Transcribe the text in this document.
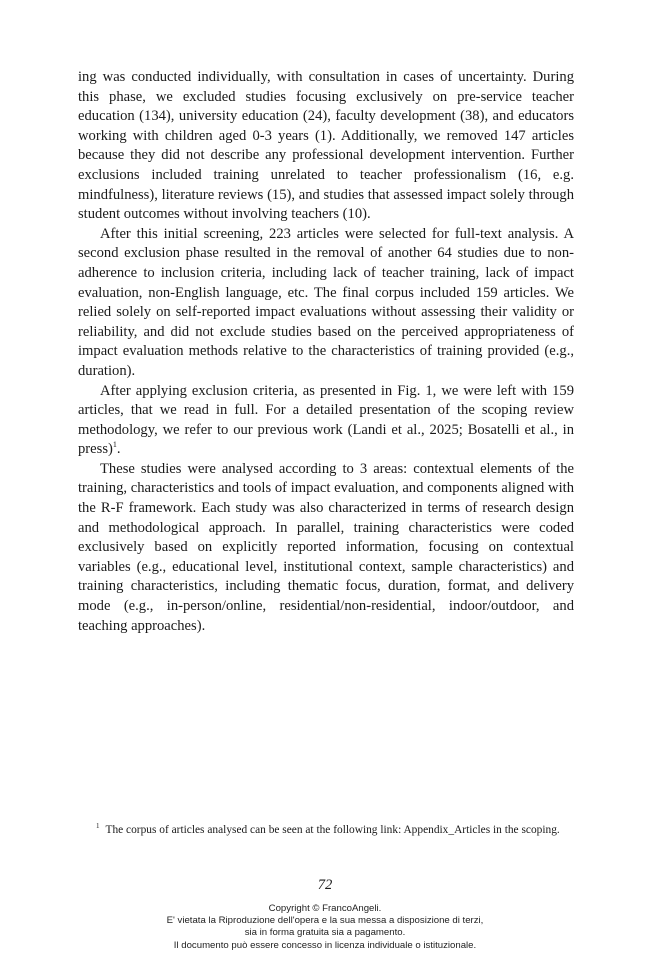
ing was conducted individually, with consultation in cases of uncertainty. During this phase, we excluded studies focusing exclusively on pre-service teacher education (134), university education (24), faculty development (38), and educators working with children aged 0-3 years (1). Additionally, we removed 147 articles because they did not describe any professional development intervention. Further exclusions included training unrelated to teacher professionalism (16, e.g. mindfulness), literature reviews (15), and studies that assessed impact solely through student outcomes without involving teachers (10).

After this initial screening, 223 articles were selected for full-text analysis. A second exclusion phase resulted in the removal of another 64 studies due to non-adherence to inclusion criteria, including lack of teacher training, lack of impact evaluation, non-English language, etc. The final corpus included 159 articles. We relied solely on self-reported impact evaluations without assessing their validity or reliability, and did not exclude studies based on the perceived appropriateness of impact evaluation methods relative to the characteristics of training provided (e.g., duration).

After applying exclusion criteria, as presented in Fig. 1, we were left with 159 articles, that we read in full. For a detailed presentation of the scoping review methodology, we refer to our previous work (Landi et al., 2025; Bosatelli et al., in press)$^1$.

These studies were analysed according to 3 areas: contextual elements of the training, characteristics and tools of impact evaluation, and components aligned with the R-F framework. Each study was also characterized in terms of research design and methodological approach. In parallel, training characteristics were coded exclusively based on explicitly reported information, focusing on contextual variables (e.g., educational level, institutional context, sample characteristics) and training characteristics, including thematic focus, duration, format, and delivery mode (e.g., in-person/online, residential/non-residential, indoor/outdoor, and teaching approaches).

$^1$ The corpus of articles analysed can be seen at the following link: Appendix_Articles in the scoping.
72
Copyright © FrancoAngeli.
E' vietata la Riproduzione dell'opera e la sua messa a disposizione di terzi,
sia in forma gratuita sia a pagamento.
Il documento può essere concesso in licenza individuale o istituzionale.
